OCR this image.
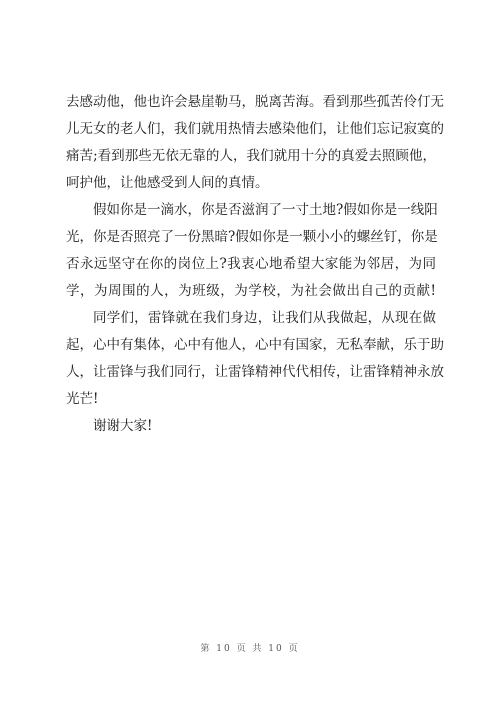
去感动他，他也许会悬崖勒马，脱离苦海。看到那些孤苦伶仃无
儿无女的老人们，我们就用热情去感染他们，让他们忘记寂寞的
痛苦;看到那些无依无靠的人，我们就用十分的真爱去照顾他，
呵护他，让他感受到人间的真情。
假如你是一滴水，你是否滋润了一寸土地?假如你是一线阳
光，你是否照亮了一份黑暗?假如你是一颗小小的螺丝钉，你是
否永远坚守在你的岗位上?我衷心地希望大家能为邻居，为同
学，为周围的人，为班级，为学校，为社会做出自己的贡献!
同学们，雷锋就在我们身边，让我们从我做起，从现在做
起，心中有集体，心中有他人，心中有国家，无私奉献，乐于助
人，让雷锋与我们同行，让雷锋精神代代相传，让雷锋精神永放
光芒!
谢谢大家!
第 10 页 共 10 页
